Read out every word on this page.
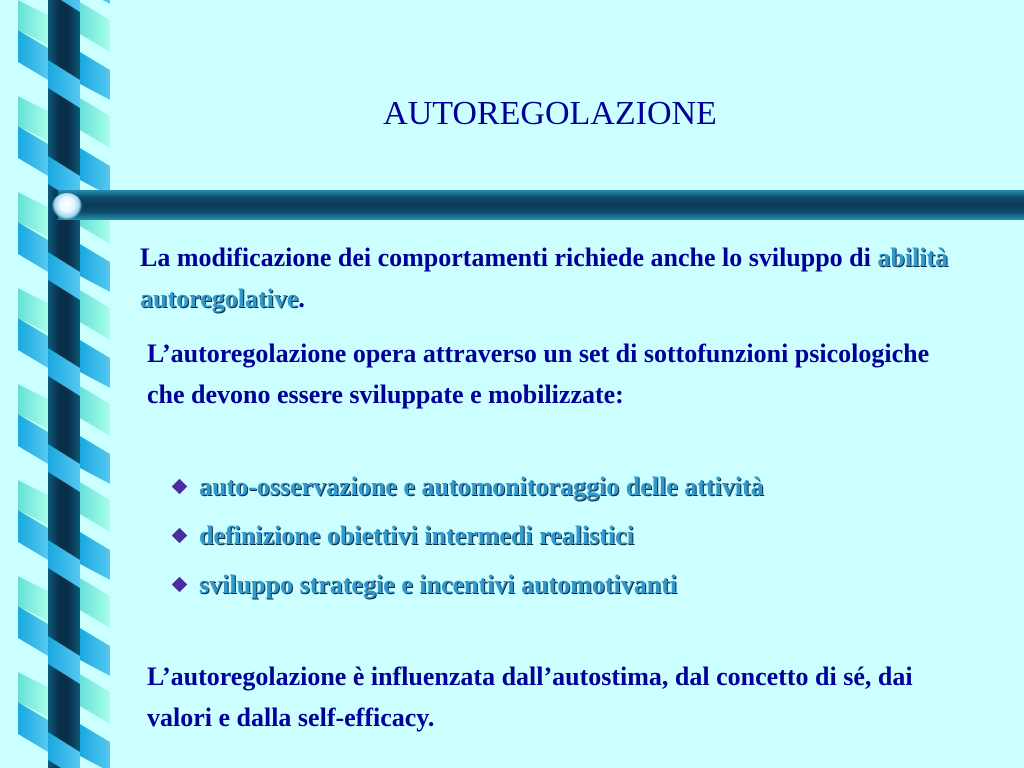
AUTOREGOLAZIONE

La modificazione dei comportamenti richiede anche lo sviluppo di abilità autoregolative.

L’autoregolazione opera attraverso un set di sottofunzioni psicologiche che devono essere sviluppate e mobilizzate:

auto-osservazione e automonitoraggio delle attività
definizione obiettivi intermedi realistici
sviluppo strategie e incentivi automotivanti

L’autoregolazione è influenzata dall’autostima, dal concetto di sé, dai valori e dalla self-efficacy.
